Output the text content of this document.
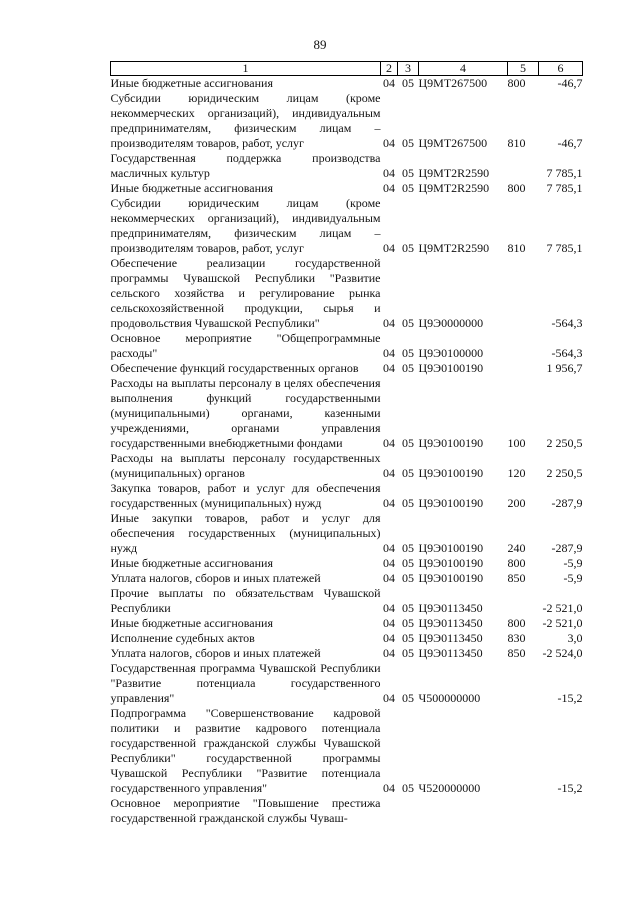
89
1	2	3	4	5	6
Иные бюджетные ассигнования	04	05	Ц9МТ267500	800	-46,7
Субсидии юридическим лицам (кроме некоммерческих организаций), индивидуальным предпринимателям, физическим лицам – производителям товаров, работ, услуг	04	05	Ц9МТ267500	810	-46,7
Государственная поддержка производства масличных культур	04	05	Ц9МТ2R2590		7 785,1
Иные бюджетные ассигнования	04	05	Ц9МТ2R2590	800	7 785,1
Субсидии юридическим лицам (кроме некоммерческих организаций), индивидуальным предпринимателям, физическим лицам – производителям товаров, работ, услуг	04	05	Ц9МТ2R2590	810	7 785,1
Обеспечение реализации государственной программы Чувашской Республики "Развитие сельского хозяйства и регулирование рынка сельскохозяйственной продукции, сырья и продовольствия Чувашской Республики"	04	05	Ц9Э0000000		-564,3
Основное мероприятие "Общепрограммные расходы"	04	05	Ц9Э0100000		-564,3
Обеспечение функций государственных органов	04	05	Ц9Э0100190		1 956,7
Расходы на выплаты персоналу в целях обеспечения выполнения функций государственными (муниципальными) органами, казенными учреждениями, органами управления государственными внебюджетными фондами	04	05	Ц9Э0100190	100	2 250,5
Расходы на выплаты персоналу государственных (муниципальных) органов	04	05	Ц9Э0100190	120	2 250,5
Закупка товаров, работ и услуг для обеспечения государственных (муниципальных) нужд	04	05	Ц9Э0100190	200	-287,9
Иные закупки товаров, работ и услуг для обеспечения государственных (муниципальных) нужд	04	05	Ц9Э0100190	240	-287,9
Иные бюджетные ассигнования	04	05	Ц9Э0100190	800	-5,9
Уплата налогов, сборов и иных платежей	04	05	Ц9Э0100190	850	-5,9
Прочие выплаты по обязательствам Чувашской Республики	04	05	Ц9Э0113450		-2 521,0
Иные бюджетные ассигнования	04	05	Ц9Э0113450	800	-2 521,0
Исполнение судебных актов	04	05	Ц9Э0113450	830	3,0
Уплата налогов, сборов и иных платежей	04	05	Ц9Э0113450	850	-2 524,0
Государственная программа Чувашской Республики "Развитие потенциала государственного управления"	04	05	Ч500000000		-15,2
Подпрограмма "Совершенствование кадровой политики и развитие кадрового потенциала государственной гражданской службы Чувашской Республики" государственной программы Чувашской Республики "Развитие потенциала государственного управления"	04	05	Ч520000000		-15,2
Основное мероприятие "Повышение престижа государственной гражданской службы Чуваш-					
